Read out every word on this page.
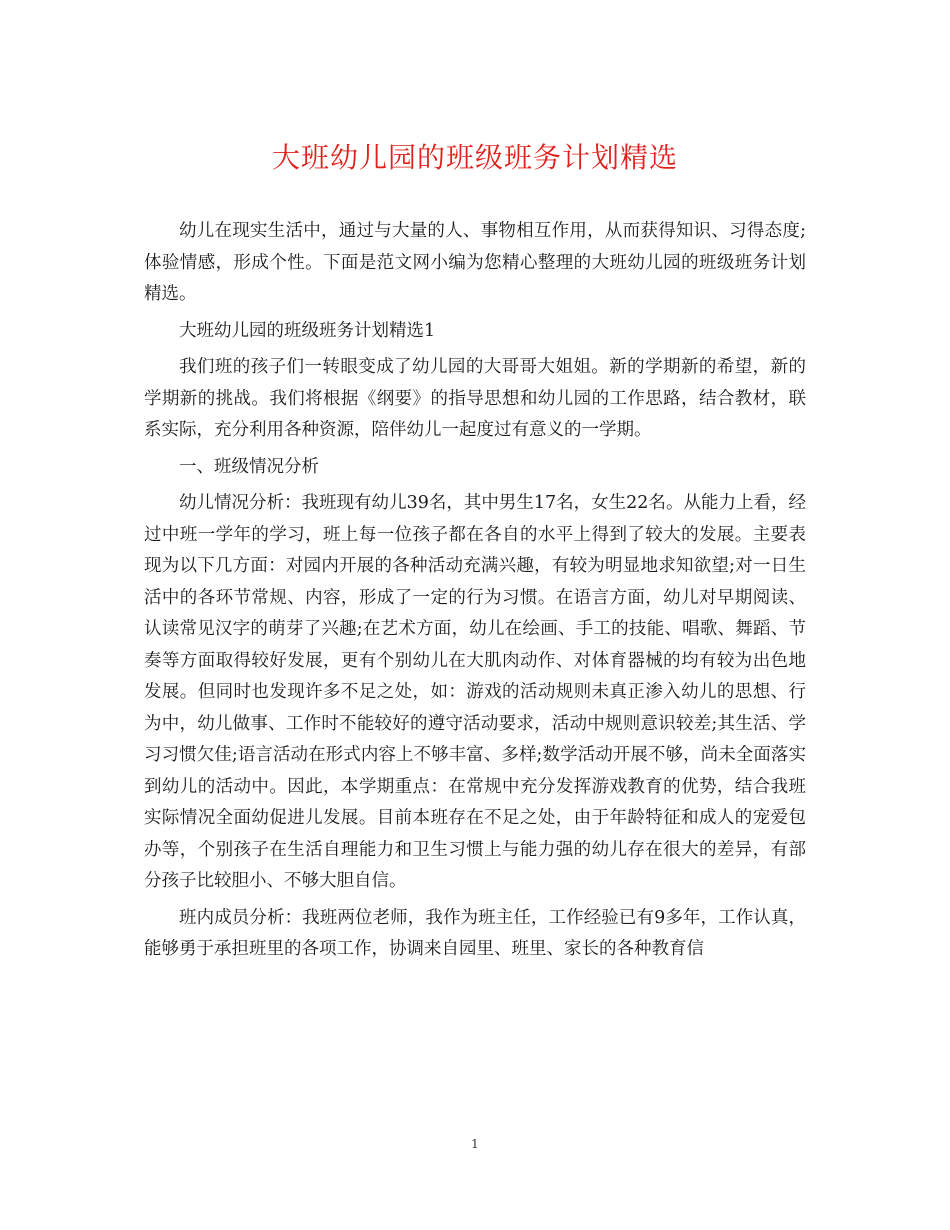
大班幼儿园的班级班务计划精选

幼儿在现实生活中，通过与大量的人、事物相互作用，从而获得知识、习得态度;体验情感，形成个性。下面是范文网小编为您精心整理的大班幼儿园的班级班务计划精选。

大班幼儿园的班级班务计划精选1

我们班的孩子们一转眼变成了幼儿园的大哥哥大姐姐。新的学期新的希望，新的学期新的挑战。我们将根据《纲要》的指导思想和幼儿园的工作思路，结合教材，联系实际，充分利用各种资源，陪伴幼儿一起度过有意义的一学期。

一、班级情况分析

幼儿情况分析：我班现有幼儿39名，其中男生17名，女生22名。从能力上看，经过中班一学年的学习，班上每一位孩子都在各自的水平上得到了较大的发展。主要表现为以下几方面：对园内开展的各种活动充满兴趣，有较为明显地求知欲望;对一日生活中的各环节常规、内容，形成了一定的行为习惯。在语言方面，幼儿对早期阅读、认读常见汉字的萌芽了兴趣;在艺术方面，幼儿在绘画、手工的技能、唱歌、舞蹈、节奏等方面取得较好发展，更有个别幼儿在大肌肉动作、对体育器械的均有较为出色地发展。但同时也发现许多不足之处，如：游戏的活动规则未真正渗入幼儿的思想、行为中，幼儿做事、工作时不能较好的遵守活动要求，活动中规则意识较差;其生活、学习习惯欠佳;语言活动在形式内容上不够丰富、多样;数学活动开展不够，尚未全面落实到幼儿的活动中。因此，本学期重点：在常规中充分发挥游戏教育的优势，结合我班实际情况全面幼促进儿发展。目前本班存在不足之处，由于年龄特征和成人的宠爱包办等，个别孩子在生活自理能力和卫生习惯上与能力强的幼儿存在很大的差异，有部分孩子比较胆小、不够大胆自信。

班内成员分析：我班两位老师，我作为班主任，工作经验已有9多年，工作认真，能够勇于承担班里的各项工作，协调来自园里、班里、家长的各种教育信

1
